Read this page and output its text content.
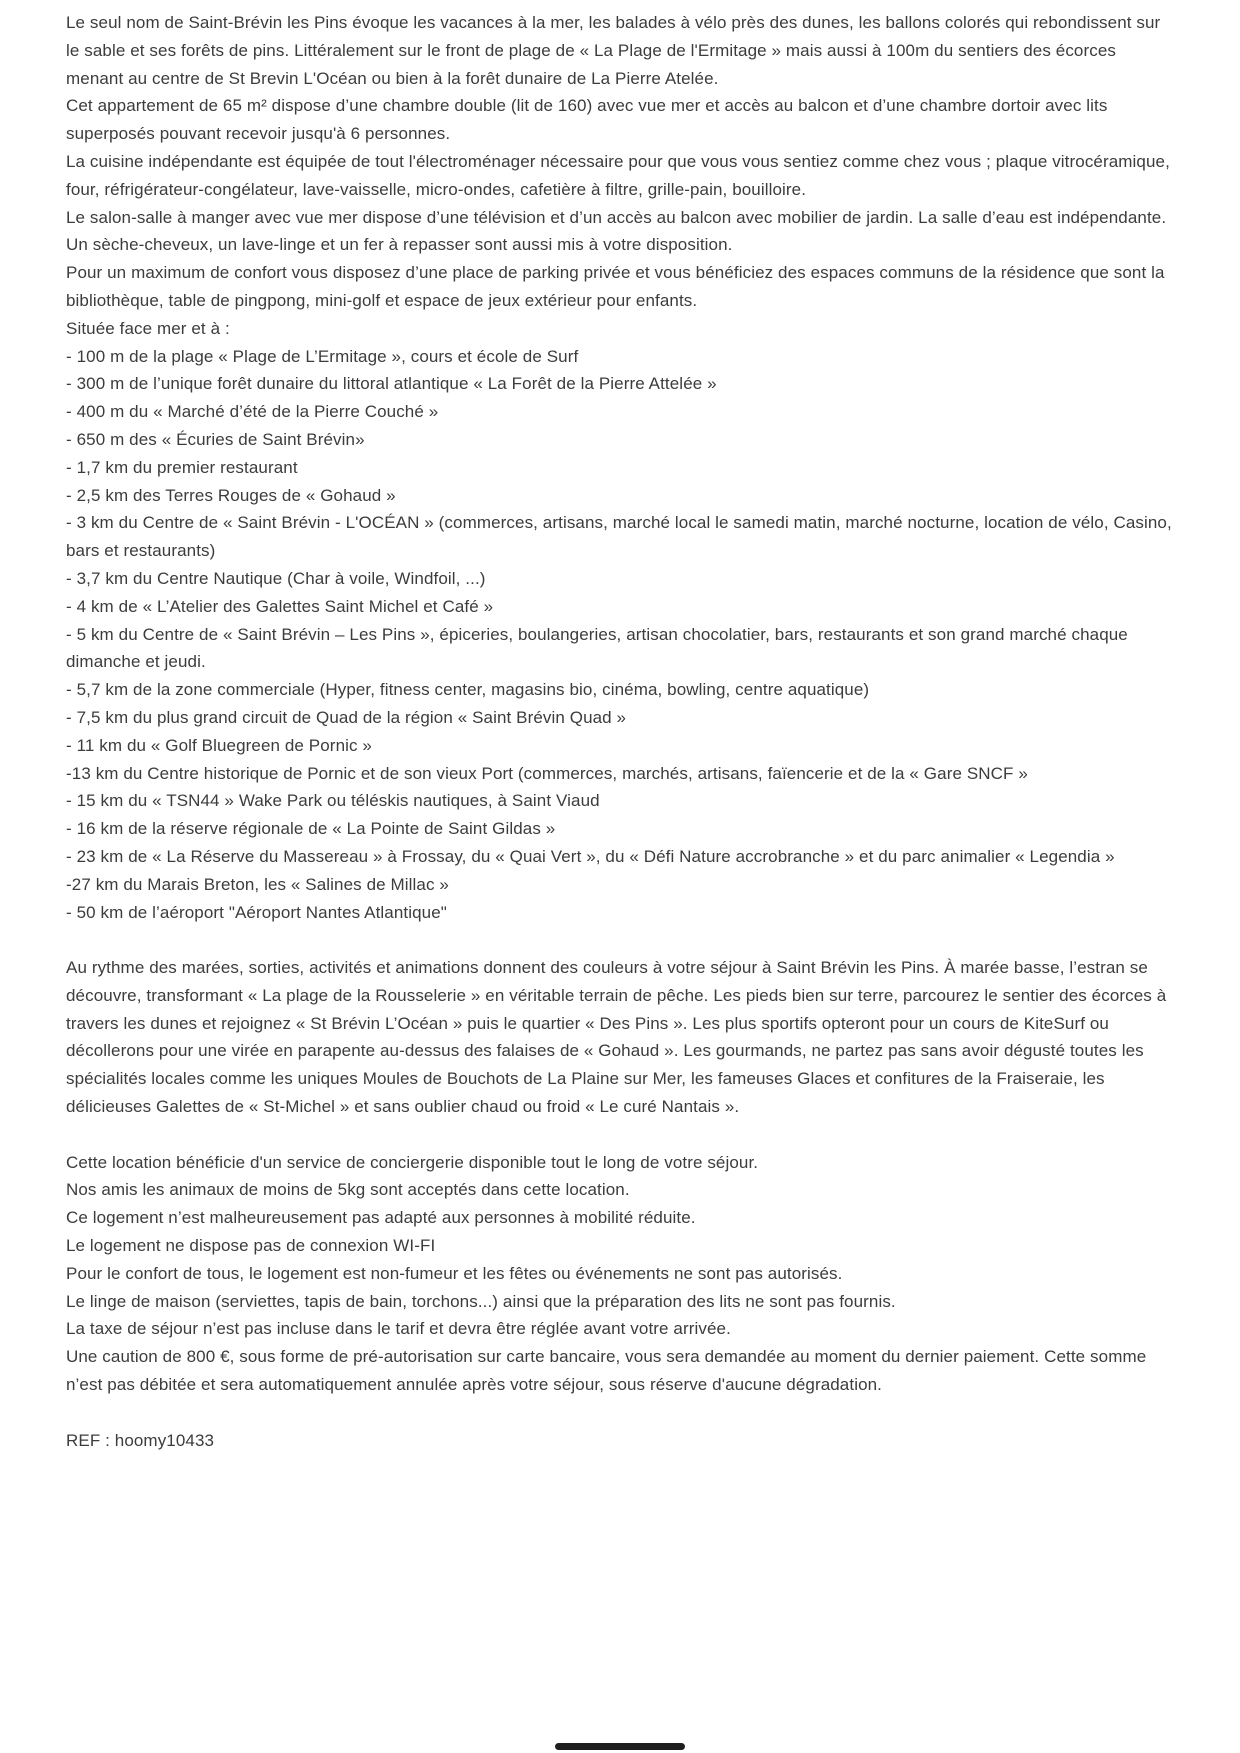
Le seul nom de Saint-Brévin les Pins évoque les vacances à la mer, les balades à vélo près des dunes, les ballons colorés qui rebondissent sur le sable et ses forêts de pins. Littéralement sur le front de plage de « La Plage de l'Ermitage » mais aussi à 100m du sentiers des écorces menant au centre de St Brevin L'Océan ou bien à la forêt dunaire de La Pierre Atelée.

Cet appartement de 65 m² dispose d’une chambre double (lit de 160) avec vue mer et accès au balcon et d’une chambre dortoir avec lits superposés pouvant recevoir jusqu'à 6 personnes.

La cuisine indépendante est équipée de tout l'électroménager nécessaire pour que vous vous sentiez comme chez vous ; plaque vitrocéramique, four, réfrigérateur-congélateur, lave-vaisselle, micro-ondes, cafetière à filtre, grille-pain, bouilloire.

Le salon-salle à manger avec vue mer dispose d’une télévision et d’un accès au balcon avec mobilier de jardin. La salle d’eau est indépendante. Un sèche-cheveux, un lave-linge et un fer à repasser sont aussi mis à votre disposition.

Pour un maximum de confort vous disposez d’une place de parking privée et vous bénéficiez des espaces communs de la résidence que sont la bibliothèque, table de pingpong, mini-golf et espace de jeux extérieur pour enfants.

Située face mer et à :

- 100 m de la plage « Plage de L’Ermitage », cours et école de Surf

- 300 m de l’unique forêt dunaire du littoral atlantique « La Forêt de la Pierre Attelée »

- 400 m du « Marché d’été de la Pierre Couché »

- 650 m des « Écuries de Saint Brévin»

- 1,7 km du premier restaurant

- 2,5 km des Terres Rouges de « Gohaud »

- 3 km du Centre de « Saint Brévin - L'OCÉAN » (commerces, artisans, marché local le samedi matin, marché nocturne, location de vélo, Casino, bars et restaurants)

- 3,7 km du Centre Nautique (Char à voile, Windfoil, ...)

- 4 km de « L’Atelier des Galettes Saint Michel et Café »

- 5 km du Centre de « Saint Brévin – Les Pins », épiceries, boulangeries, artisan chocolatier, bars, restaurants et son grand marché chaque dimanche et jeudi.

- 5,7 km de la zone commerciale (Hyper, fitness center, magasins bio, cinéma, bowling, centre aquatique)

- 7,5 km du plus grand circuit de Quad de la région « Saint Brévin Quad »

- 11 km du « Golf Bluegreen de Pornic »

-13 km du Centre historique de Pornic et de son vieux Port (commerces, marchés, artisans, faïencerie et de la « Gare SNCF »

- 15 km du « TSN44 » Wake Park ou téléskis nautiques, à Saint Viaud

- 16 km de la réserve régionale de « La Pointe de Saint Gildas »

- 23 km de « La Réserve du Massereau » à Frossay, du « Quai Vert », du « Défi Nature accrobranche » et du parc animalier « Legendia »

-27 km du Marais Breton, les « Salines de Millac »

- 50 km de l’aéroport "Aéroport Nantes Atlantique"

Au rythme des marées, sorties, activités et animations donnent des couleurs à votre séjour à Saint Brévin les Pins. À marée basse, l’estran se découvre, transformant « La plage de la Rousselerie » en véritable terrain de pêche. Les pieds bien sur terre, parcourez le sentier des écorces à travers les dunes et rejoignez « St Brévin L’Océan » puis le quartier « Des Pins ». Les plus sportifs opteront pour un cours de KiteSurf ou décollerons pour une virée en parapente au-dessus des falaises de « Gohaud ». Les gourmands, ne partez pas sans avoir dégusté toutes les spécialités locales comme les uniques Moules de Bouchots de La Plaine sur Mer, les fameuses Glaces et confitures de la Fraiseraie, les délicieuses Galettes de « St-Michel » et sans oublier chaud ou froid « Le curé Nantais ».

Cette location bénéficie d'un service de conciergerie disponible tout le long de votre séjour.

Nos amis les animaux de moins de 5kg sont acceptés dans cette location.

Ce logement n’est malheureusement pas adapté aux personnes à mobilité réduite.

Le logement ne dispose pas de connexion WI-FI

Pour le confort de tous, le logement est non-fumeur et les fêtes ou événements ne sont pas autorisés.

Le linge de maison (serviettes, tapis de bain, torchons...) ainsi que la préparation des lits ne sont pas fournis.

La taxe de séjour n’est pas incluse dans le tarif et devra être réglée avant votre arrivée.

Une caution de 800 €, sous forme de pré-autorisation sur carte bancaire, vous sera demandée au moment du dernier paiement. Cette somme n’est pas débitée et sera automatiquement annulée après votre séjour, sous réserve d'aucune dégradation.

REF : hoomy10433
